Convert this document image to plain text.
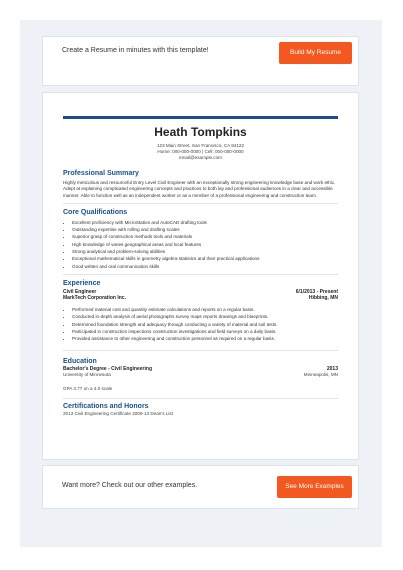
Create a Resume in minutes with this template!	Build My Resume
Heath Tompkins
123 Main Street, San Francisco, CA 94122
Home: 000-000-0000 | Cell: 000-000-0000
email@example.com
Professional Summary
Highly meticulous and resourceful Entry Level Civil Engineer with an exceptionally strong engineering knowledge base and work ethic. Adept at explaining complicated engineering concepts and practices to both lay and professional audiences in a clear and accessible manner. Able to function well as an independent worker or as a member of a professional engineering and construction team.
Core Qualifications
• Excellent proficiency with MicroStation and AutoCAD drafting tools
• Outstanding expertise with rolling and drafting scales
• Superior grasp of construction methods tools and materials
• High knowledge of varies geographical areas and local features
• Strong analytical and problem-solving abilities
• Exceptional mathematical skills in geometry algebra statistics and their practical applications
• Good written and oral communication skills
Experience
Civil Engineer	6/1/2013 - Present
MarkTech Corporation Inc.	Hibbing, MN
• Performed material cost and quantity estimate calculations and reports on a regular basis.
• Conducted in-depth analysis of aerial photographs survey maps reports drawings and blueprints.
• Determined foundation strength and adequacy through conducting a variety of material and soil tests.
• Participated in construction inspections construction investigations and field surveys on a daily basis.
• Provided assistance to other engineering and construction personnel as required on a regular basis.
Education
Bachelor's Degree - Civil Engineering	2013
University of Minnesota	Minneapolis, MN
GPA 3.77 on a 4.0 scale
Certifications and Honors
2013 Civil Engineering Certificate 2009-13 Dean's List
Want more? Check out our other examples.	See More Examples
